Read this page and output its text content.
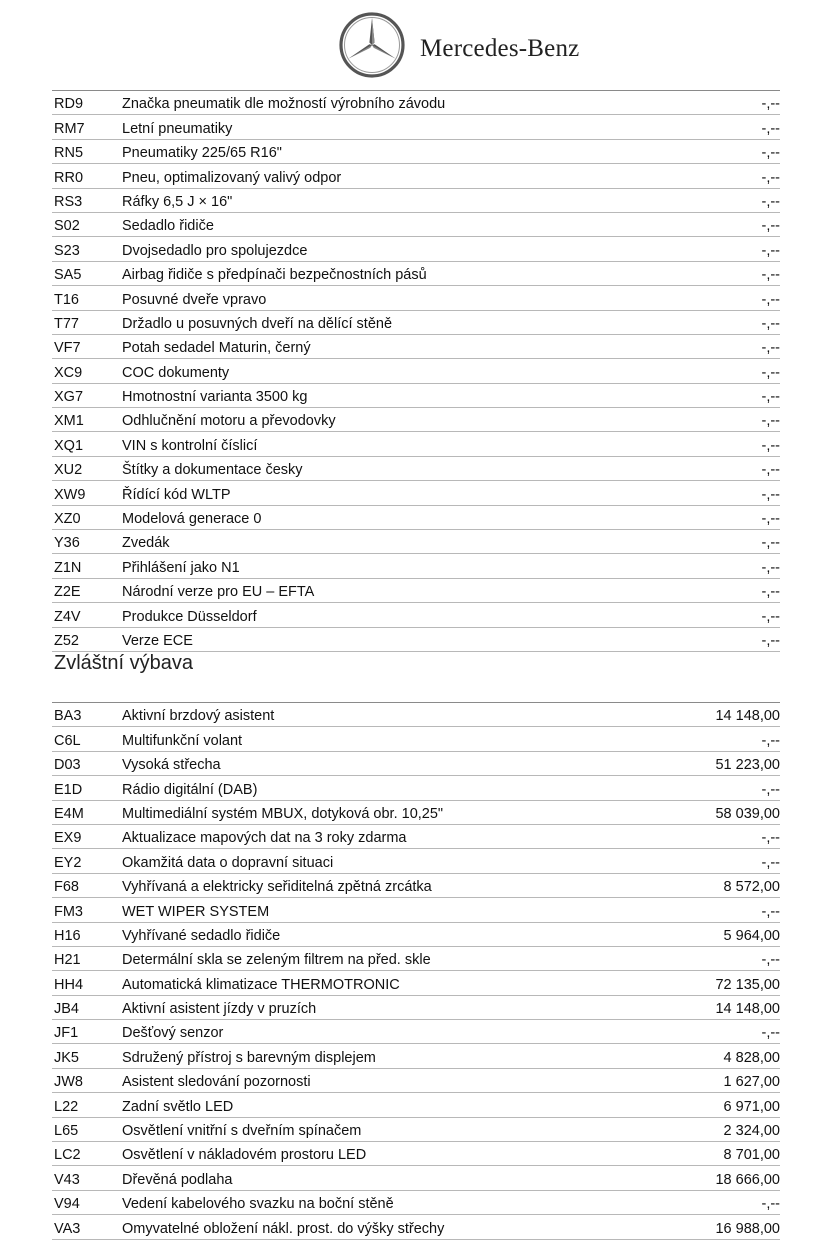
Mercedes-Benz
RD9	Značka pneumatik dle možností výrobního závodu	-,--
RM7	Letní pneumatiky	-,--
RN5	Pneumatiky 225/65 R16"	-,--
RR0	Pneu, optimalizovaný valivý odpor	-,--
RS3	Ráfky 6,5 J × 16"	-,--
S02	Sedadlo řidiče	-,--
S23	Dvojsedadlo pro spolujezdce	-,--
SA5	Airbag řidiče s předpínači bezpečnostních pásů	-,--
T16	Posuvné dveře vpravo	-,--
T77	Držadlo u posuvných dveří na dělící stěně	-,--
VF7	Potah sedadel Maturin, černý	-,--
XC9	COC dokumenty	-,--
XG7	Hmotnostní varianta 3500 kg	-,--
XM1	Odhlučnění motoru a převodovky	-,--
XQ1	VIN s kontrolní číslicí	-,--
XU2	Štítky a dokumentace česky	-,--
XW9	Řídící kód WLTP	-,--
XZ0	Modelová generace 0	-,--
Y36	Zvedák	-,--
Z1N	Přihlášení jako N1	-,--
Z2E	Národní verze pro EU – EFTA	-,--
Z4V	Produkce Düsseldorf	-,--
Z52	Verze ECE	-,--
Zvláštní výbava
BA3	Aktivní brzdový asistent	14 148,00
C6L	Multifunkční volant	-,--
D03	Vysoká střecha	51 223,00
E1D	Rádio digitální (DAB)	-,--
E4M	Multimediální systém MBUX, dotyková obr. 10,25"	58 039,00
EX9	Aktualizace mapových dat na 3 roky zdarma	-,--
EY2	Okamžitá data o dopravní situaci	-,--
F68	Vyhřívaná a elektricky seřiditelná zpětná zrcátka	8 572,00
FM3	WET WIPER SYSTEM	-,--
H16	Vyhřívané sedadlo řidiče	5 964,00
H21	Determální skla se zeleným filtrem na před. skle	-,--
HH4	Automatická klimatizace THERMOTRONIC	72 135,00
JB4	Aktivní asistent jízdy v pruzích	14 148,00
JF1	Dešťový senzor	-,--
JK5	Sdružený přístroj s barevným displejem	4 828,00
JW8	Asistent sledování pozornosti	1 627,00
L22	Zadní světlo LED	6 971,00
L65	Osvětlení vnitřní s dveřním spínačem	2 324,00
LC2	Osvětlení v nákladovém prostoru LED	8 701,00
V43	Dřevěná podlaha	18 666,00
V94	Vedení kabelového svazku na boční stěně	-,--
VA3	Omyvatelné obložení nákl. prost. do výšky střechy	16 988,00
